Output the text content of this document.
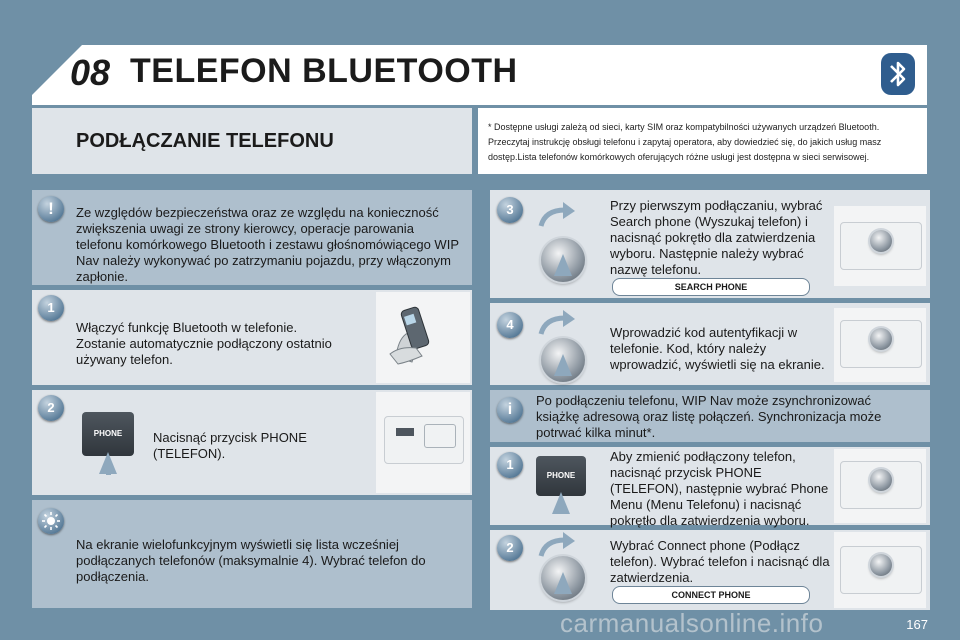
08 TELEFON BLUETOOTH
PODŁĄCZANIE TELEFONU
* Dostępne usługi zależą od sieci, karty SIM oraz kompatybilności używanych urządzeń Bluetooth. Przeczytaj instrukcję obsługi telefonu i zapytaj operatora, aby dowiedzieć się, do jakich usług masz dostęp.Lista telefonów komórkowych oferujących różne usługi jest dostępna w sieci serwisowej.
!	Ze względów bezpieczeństwa oraz ze względu na konieczność zwiększenia uwagi ze strony kierowcy, operacje parowania telefonu komórkowego Bluetooth i zestawu głośnomówiącego WIP Nav należy wykonywać po zatrzymaniu pojazdu, przy włączonym zapłonie.
1
Włączyć funkcję Bluetooth w telefonie. Zostanie automatycznie podłączony ostatnio używany telefon.
2
PHONE	Nacisnąć przycisk PHONE (TELEFON).
Na ekranie wielofunkcyjnym wyświetli się lista wcześniej podłączanych telefonów (maksymalnie 4). Wybrać telefon do podłączenia.
3	Przy pierwszym podłączaniu, wybrać Search phone (Wyszukaj telefon) i nacisnąć pokrętło dla zatwierdzenia wyboru. Następnie należy wybrać nazwę telefonu.
SEARCH PHONE
4
Wprowadzić kod autentyfikacji w telefonie. Kod, który należy wprowadzić, wyświetli się na ekranie.
i
Po podłączeniu telefonu, WIP Nav może zsynchronizować książkę adresową oraz listę połączeń. Synchronizacja może potrwać kilka minut*.
1
PHONE
Aby zmienić podłączony telefon, nacisnąć przycisk PHONE (TELEFON), następnie wybrać Phone Menu (Menu Telefonu) i nacisnąć pokrętło dla zatwierdzenia wyboru.
2	Wybrać Connect phone (Podłącz telefon). Wybrać telefon i nacisnąć dla zatwierdzenia.
CONNECT PHONE
167
carmanualsonline.info
